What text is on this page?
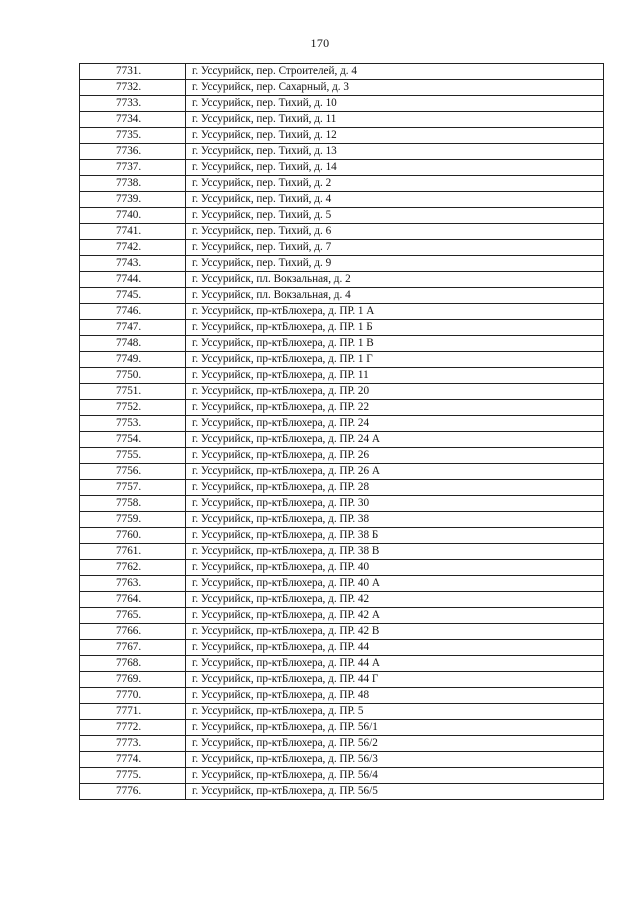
170
7731.	г. Уссурийск, пер. Строителей, д. 4
7732.	г. Уссурийск, пер. Сахарный, д. 3
7733.	г. Уссурийск, пер. Тихий, д. 10
7734.	г. Уссурийск, пер. Тихий, д. 11
7735.	г. Уссурийск, пер. Тихий, д. 12
7736.	г. Уссурийск, пер. Тихий, д. 13
7737.	г. Уссурийск, пер. Тихий, д. 14
7738.	г. Уссурийск, пер. Тихий, д. 2
7739.	г. Уссурийск, пер. Тихий, д. 4
7740.	г. Уссурийск, пер. Тихий, д. 5
7741.	г. Уссурийск, пер. Тихий, д. 6
7742.	г. Уссурийск, пер. Тихий, д. 7
7743.	г. Уссурийск, пер. Тихий, д. 9
7744.	г. Уссурийск, пл. Вокзальная, д. 2
7745.	г. Уссурийск, пл. Вокзальная, д. 4
7746.	г. Уссурийск, пр-ктБлюхера, д. ПР. 1 А
7747.	г. Уссурийск, пр-ктБлюхера, д. ПР. 1 Б
7748.	г. Уссурийск, пр-ктБлюхера, д. ПР. 1 В
7749.	г. Уссурийск, пр-ктБлюхера, д. ПР. 1 Г
7750.	г. Уссурийск, пр-ктБлюхера, д. ПР. 11
7751.	г. Уссурийск, пр-ктБлюхера, д. ПР. 20
7752.	г. Уссурийск, пр-ктБлюхера, д. ПР. 22
7753.	г. Уссурийск, пр-ктБлюхера, д. ПР. 24
7754.	г. Уссурийск, пр-ктБлюхера, д. ПР. 24 А
7755.	г. Уссурийск, пр-ктБлюхера, д. ПР. 26
7756.	г. Уссурийск, пр-ктБлюхера, д. ПР. 26 А
7757.	г. Уссурийск, пр-ктБлюхера, д. ПР. 28
7758.	г. Уссурийск, пр-ктБлюхера, д. ПР. 30
7759.	г. Уссурийск, пр-ктБлюхера, д. ПР. 38
7760.	г. Уссурийск, пр-ктБлюхера, д. ПР. 38 Б
7761.	г. Уссурийск, пр-ктБлюхера, д. ПР. 38 В
7762.	г. Уссурийск, пр-ктБлюхера, д. ПР. 40
7763.	г. Уссурийск, пр-ктБлюхера, д. ПР. 40 А
7764.	г. Уссурийск, пр-ктБлюхера, д. ПР. 42
7765.	г. Уссурийск, пр-ктБлюхера, д. ПР. 42 А
7766.	г. Уссурийск, пр-ктБлюхера, д. ПР. 42 В
7767.	г. Уссурийск, пр-ктБлюхера, д. ПР. 44
7768.	г. Уссурийск, пр-ктБлюхера, д. ПР. 44 А
7769.	г. Уссурийск, пр-ктБлюхера, д. ПР. 44 Г
7770.	г. Уссурийск, пр-ктБлюхера, д. ПР. 48
7771.	г. Уссурийск, пр-ктБлюхера, д. ПР. 5
7772.	г. Уссурийск, пр-ктБлюхера, д. ПР. 56/1
7773.	г. Уссурийск, пр-ктБлюхера, д. ПР. 56/2
7774.	г. Уссурийск, пр-ктБлюхера, д. ПР. 56/3
7775.	г. Уссурийск, пр-ктБлюхера, д. ПР. 56/4
7776.	г. Уссурийск, пр-ктБлюхера, д. ПР. 56/5
